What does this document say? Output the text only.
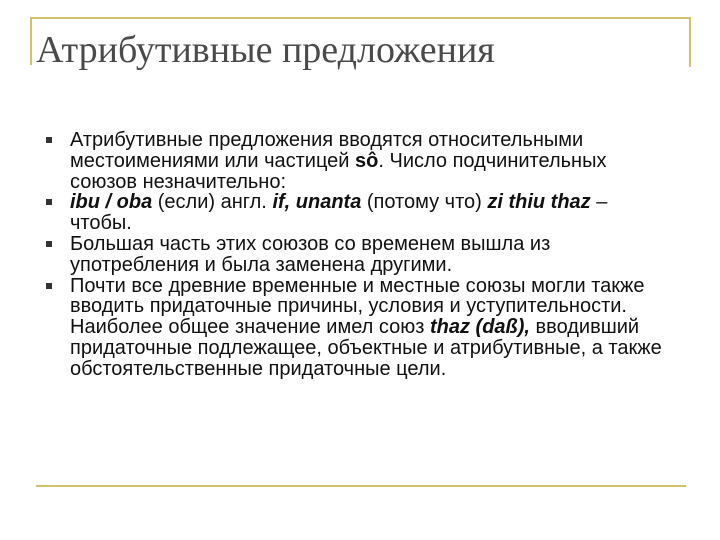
Атрибутивные предложения
Атрибутивные предложения вводятся относительными местоимениями или частицей sô. Число подчинительных союзов незначительно:
ibu / oba (если) англ. if, unanta (потому что) zi thiu thaz – чтобы.
Большая часть этих союзов со временем вышла из употребления и была заменена другими.
Почти все древние временные и местные союзы могли также вводить придаточные причины, условия и уступительности. Наиболее общее значение имел союз thaz (daß), вводивший придаточные подлежащее, объектные и атрибутивные, а также обстоятельственные придаточные цели.
